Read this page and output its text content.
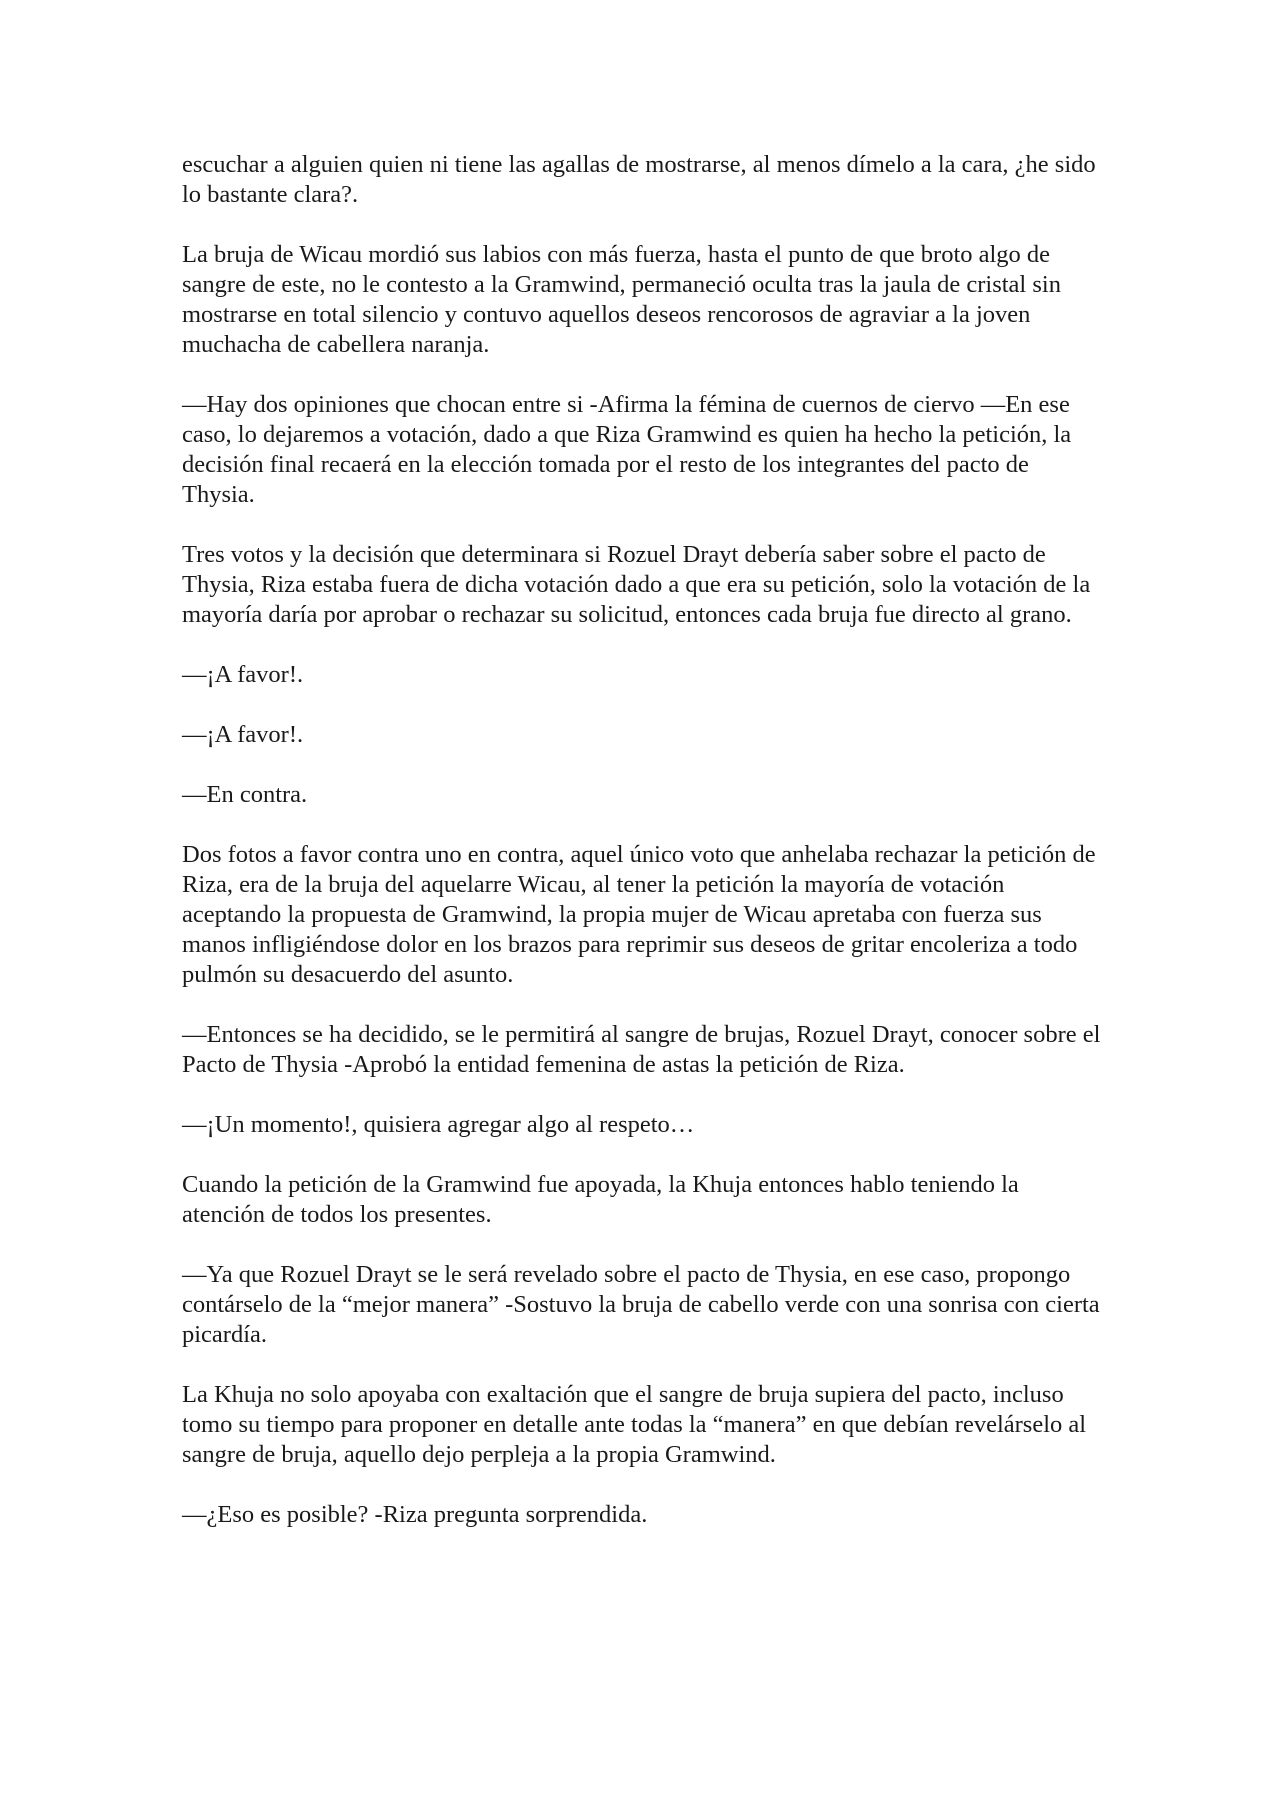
escuchar a alguien quien ni tiene las agallas de mostrarse, al menos dímelo a la cara, ¿he sido lo bastante clara?.

La bruja de Wicau mordió sus labios con más fuerza, hasta el punto de que broto algo de sangre de este, no le contesto a la Gramwind, permaneció oculta tras la jaula de cristal sin mostrarse en total silencio y contuvo aquellos deseos rencorosos de agraviar a la joven muchacha de cabellera naranja.

—Hay dos opiniones que chocan entre si -Afirma la fémina de cuernos de ciervo —En ese caso, lo dejaremos a votación, dado a que Riza Gramwind es quien ha hecho la petición, la decisión final recaerá en la elección tomada por el resto de los integrantes del pacto de Thysia.

Tres votos y la decisión que determinara si Rozuel Drayt debería saber sobre el pacto de Thysia, Riza estaba fuera de dicha votación dado a que era su petición, solo la votación de la mayoría daría por aprobar o rechazar su solicitud, entonces cada bruja fue directo al grano.

—¡A favor!.

—¡A favor!.

—En contra.

Dos fotos a favor contra uno en contra, aquel único voto que anhelaba rechazar la petición de Riza, era de la bruja del aquelarre Wicau, al tener la petición la mayoría de votación aceptando la propuesta de Gramwind, la propia mujer de Wicau apretaba con fuerza sus manos infligiéndose dolor en los brazos para reprimir sus deseos de gritar encoleriza a todo pulmón su desacuerdo del asunto.

—Entonces se ha decidido, se le permitirá al sangre de brujas, Rozuel Drayt, conocer sobre el Pacto de Thysia -Aprobó la entidad femenina de astas la petición de Riza.

—¡Un momento!, quisiera agregar algo al respeto…

Cuando la petición de la Gramwind fue apoyada, la Khuja entonces hablo teniendo la atención de todos los presentes.

—Ya que Rozuel Drayt se le será revelado sobre el pacto de Thysia, en ese caso, propongo contárselo de la “mejor manera” -Sostuvo la bruja de cabello verde con una sonrisa con cierta picardía.

La Khuja no solo apoyaba con exaltación que el sangre de bruja supiera del pacto, incluso tomo su tiempo para proponer en detalle ante todas la “manera” en que debían revelárselo al sangre de bruja, aquello dejo perpleja a la propia Gramwind.

—¿Eso es posible? -Riza pregunta sorprendida.
